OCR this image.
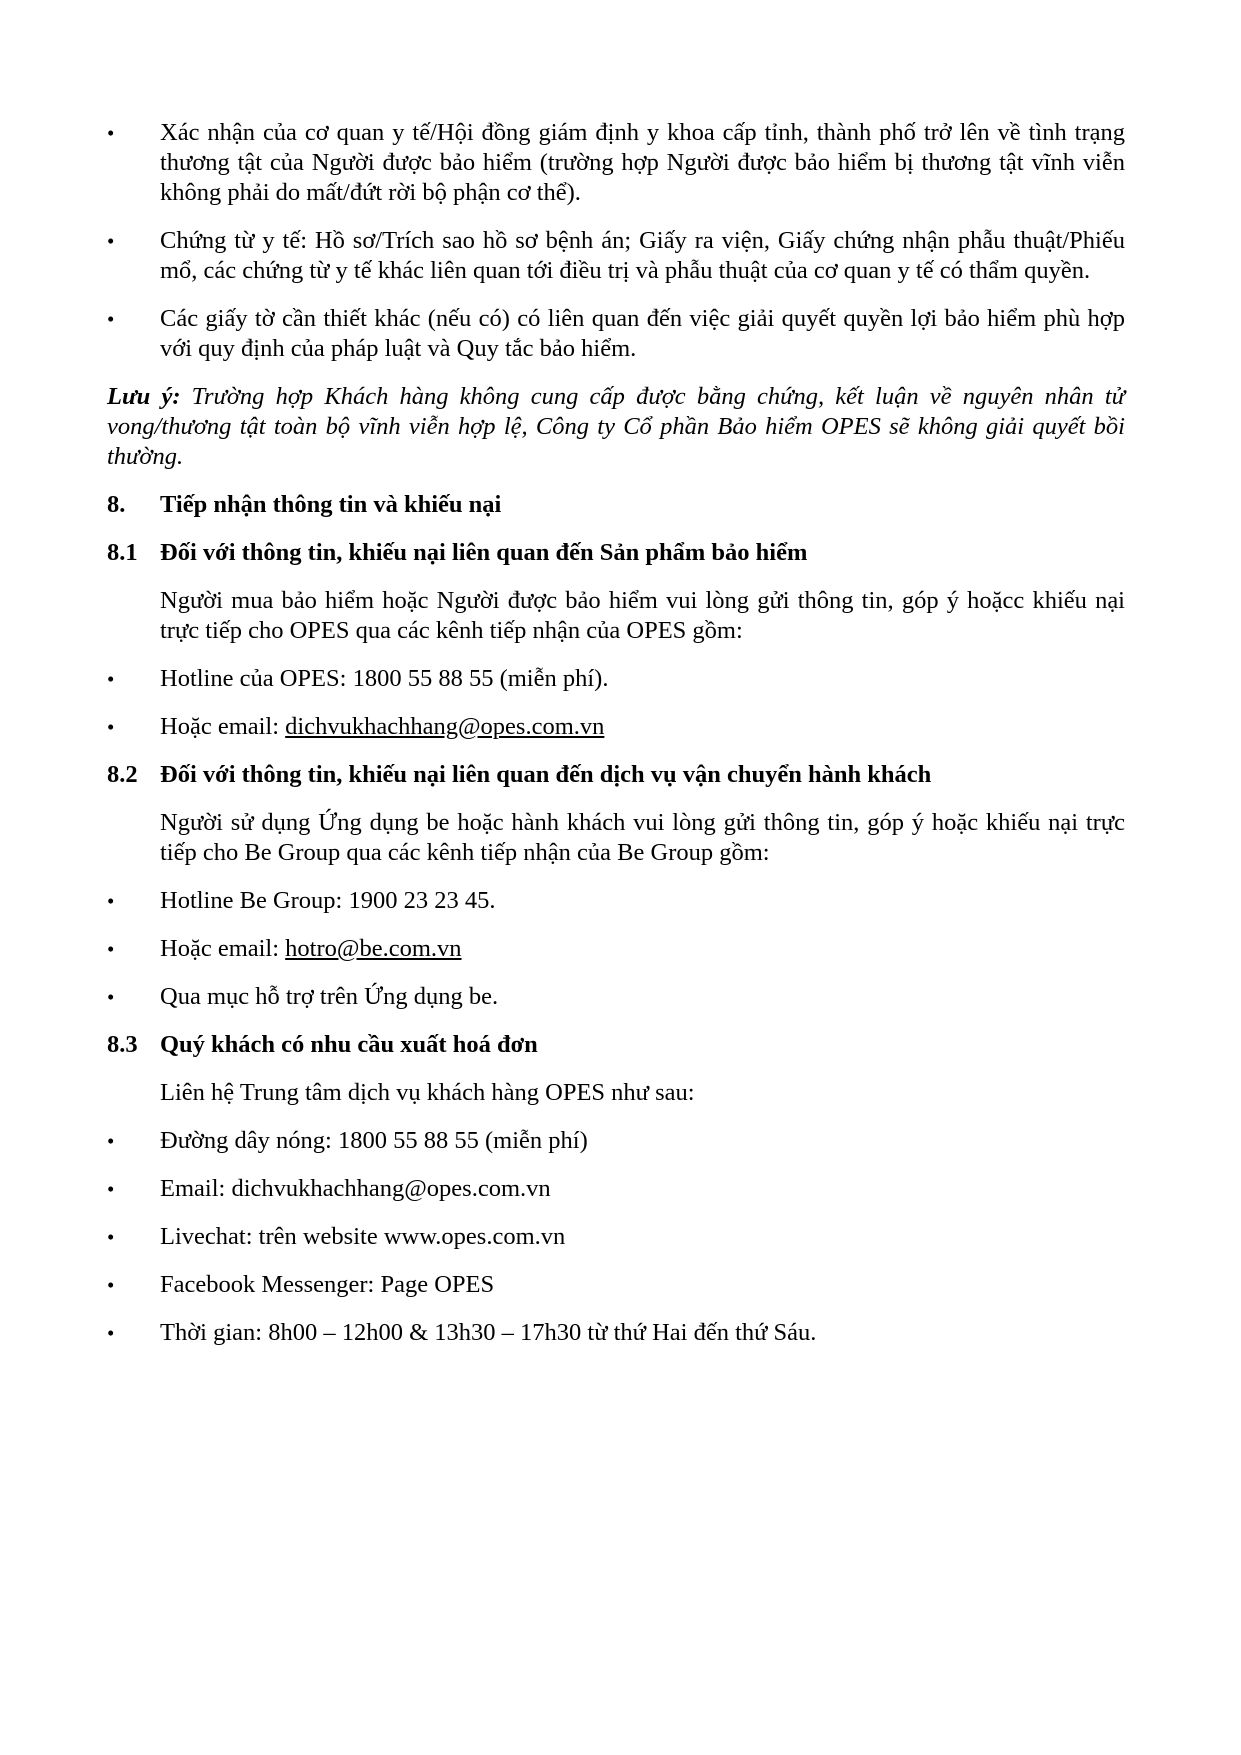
•	Xác nhận của cơ quan y tế/Hội đồng giám định y khoa cấp tỉnh, thành phố trở lên về tình trạng thương tật của Người được bảo hiểm (trường hợp Người được bảo hiểm bị thương tật vĩnh viễn không phải do mất/đứt rời bộ phận cơ thể).
•	Chứng từ y tế: Hồ sơ/Trích sao hồ sơ bệnh án; Giấy ra viện, Giấy chứng nhận phẫu thuật/Phiếu mổ, các chứng từ y tế khác liên quan tới điều trị và phẫu thuật của cơ quan y tế có thẩm quyền.
•	Các giấy tờ cần thiết khác (nếu có) có liên quan đến việc giải quyết quyền lợi bảo hiểm phù hợp với quy định của pháp luật và Quy tắc bảo hiểm.
Lưu ý: Trường hợp Khách hàng không cung cấp được bằng chứng, kết luận về nguyên nhân tử vong/thương tật toàn bộ vĩnh viễn hợp lệ, Công ty Cổ phần Bảo hiểm OPES sẽ không giải quyết bồi thường.
8.	Tiếp nhận thông tin và khiếu nại
8.1 Đối với thông tin, khiếu nại liên quan đến Sản phẩm bảo hiểm
Người mua bảo hiểm hoặc Người được bảo hiểm vui lòng gửi thông tin, góp ý hoặcc khiếu nại trực tiếp cho OPES qua các kênh tiếp nhận của OPES gồm:
•	Hotline của OPES: 1800 55 88 55 (miễn phí).
•	Hoặc email: dichvukhachhang@opes.com.vn
8.2 Đối với thông tin, khiếu nại liên quan đến dịch vụ vận chuyển hành khách
Người sử dụng Ứng dụng be hoặc hành khách vui lòng gửi thông tin, góp ý hoặc khiếu nại trực tiếp cho Be Group qua các kênh tiếp nhận của Be Group gồm:
•	Hotline Be Group: 1900 23 23 45.
•	Hoặc email: hotro@be.com.vn
•	Qua mục hỗ trợ trên Ứng dụng be.
8.3 Quý khách có nhu cầu xuất hoá đơn
Liên hệ Trung tâm dịch vụ khách hàng OPES như sau:
•	Đường dây nóng: 1800 55 88 55 (miễn phí)
•	Email: dichvukhachhang@opes.com.vn
•	Livechat: trên website www.opes.com.vn
•	Facebook Messenger: Page OPES
•	Thời gian: 8h00 – 12h00 & 13h30 – 17h30 từ thứ Hai đến thứ Sáu.
